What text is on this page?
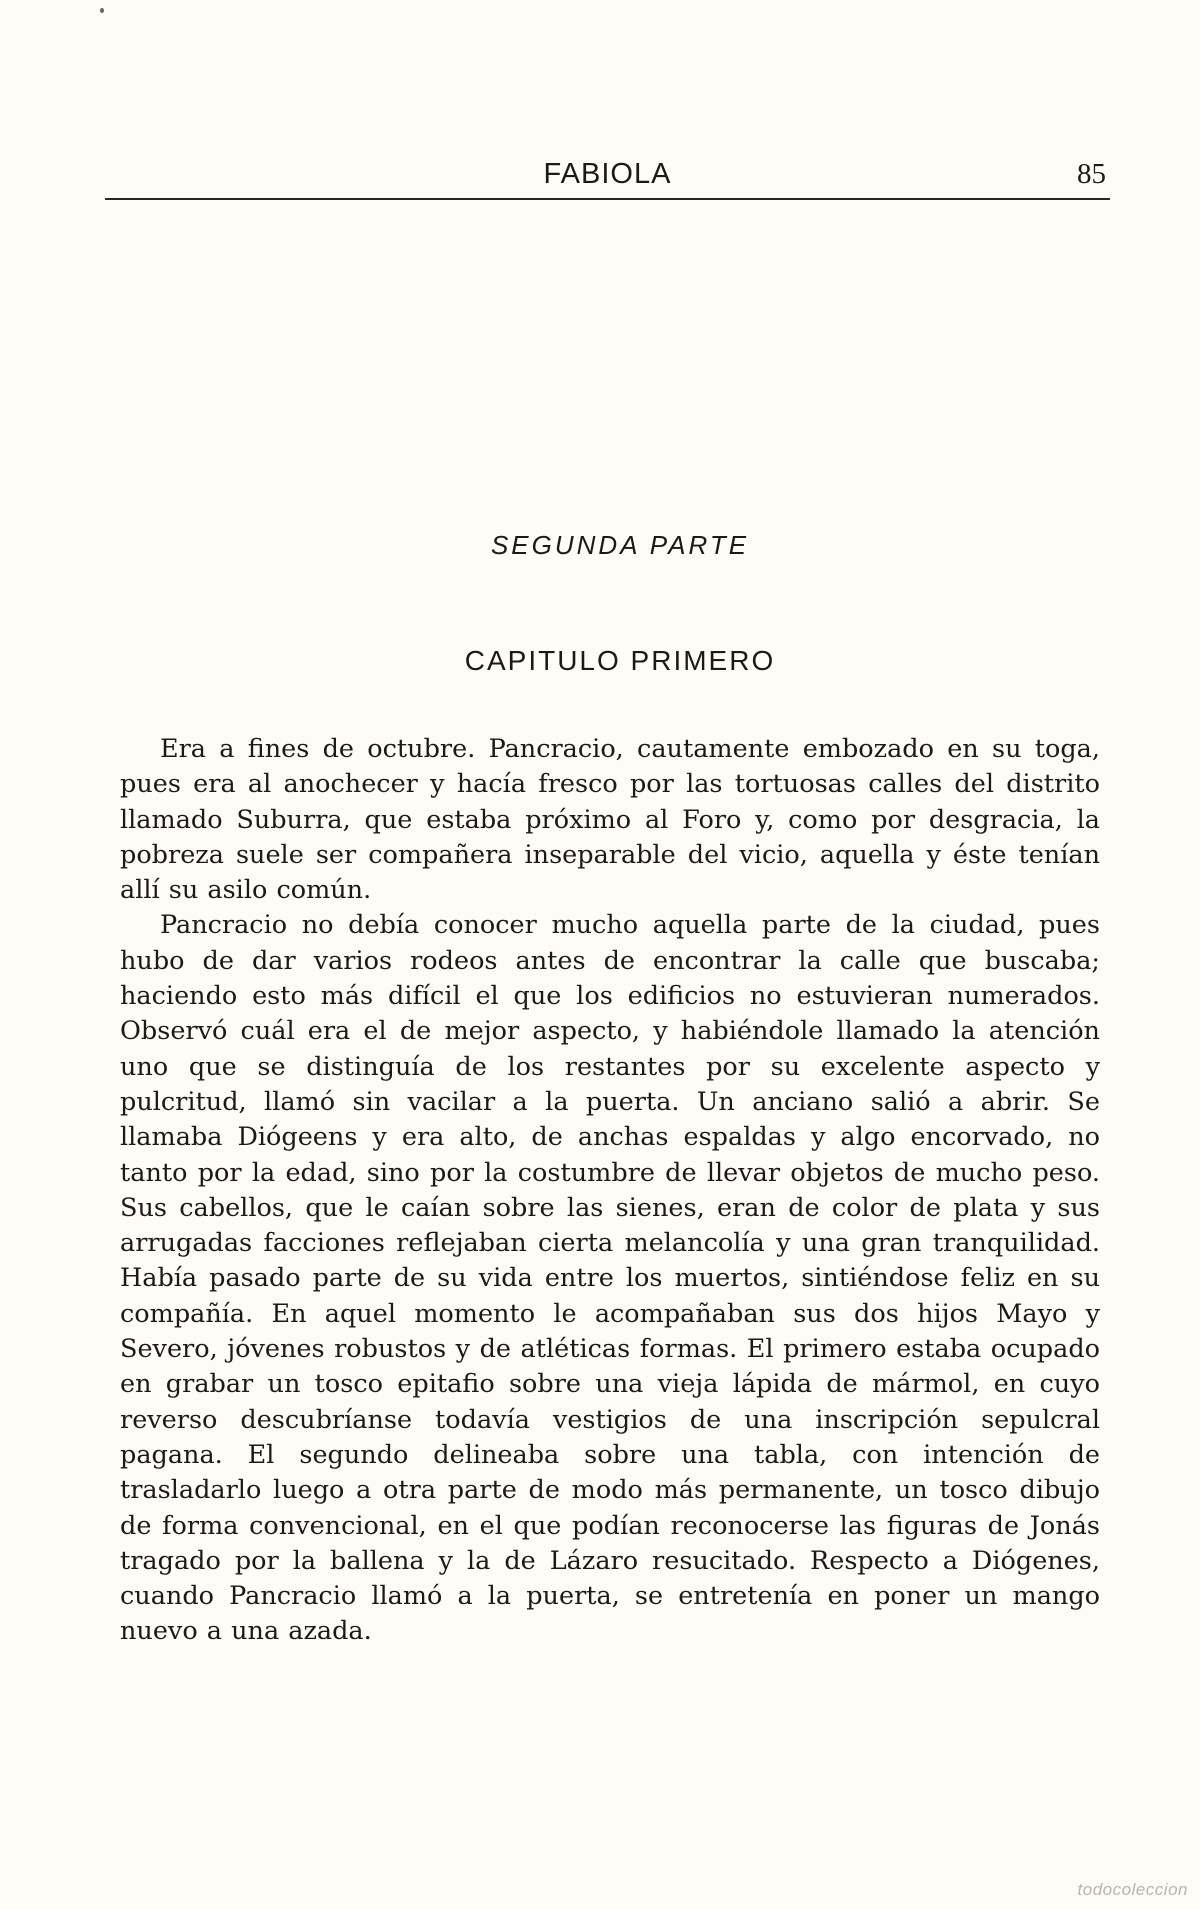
FABIOLA	85
SEGUNDA PARTE
CAPITULO PRIMERO

Era a fines de octubre. Pancracio, cautamente embozado en su toga, pues era al anochecer y hacía fresco por las tortuosas calles del distrito llamado Suburra, que estaba próximo al Foro y, como por desgracia, la pobreza suele ser compañera inseparable del vicio, aquella y éste tenían allí su asilo común.

Pancracio no debía conocer mucho aquella parte de la ciudad, pues hubo de dar varios rodeos antes de encontrar la calle que buscaba; haciendo esto más difícil el que los edificios no estuvieran numerados. Observó cuál era el de mejor aspecto, y habiéndole llamado la atención uno que se distinguía de los restantes por su excelente aspecto y pulcritud, llamó sin vacilar a la puerta. Un anciano salió a abrir. Se llamaba Diógeens y era alto, de anchas espaldas y algo encorvado, no tanto por la edad, sino por la costumbre de llevar objetos de mucho peso. Sus cabellos, que le caían sobre las sienes, eran de color de plata y sus arrugadas facciones reflejaban cierta melancolía y una gran tranquilidad. Había pasado parte de su vida entre los muertos, sintiéndose feliz en su compañía. En aquel momento le acompañaban sus dos hijos Mayo y Severo, jóvenes robustos y de atléticas formas. El primero estaba ocupado en grabar un tosco epitafio sobre una vieja lápida de mármol, en cuyo reverso descubríanse todavía vestigios de una inscripción sepulcral pagana. El segundo delineaba sobre una tabla, con intención de trasladarlo luego a otra parte de modo más permanente, un tosco dibujo de forma convencional, en el que podían reconocerse las figuras de Jonás tragado por la ballena y la de Lázaro resucitado. Respecto a Diógenes, cuando Pancracio llamó a la puerta, se entretenía en poner un mango nuevo a una azada.

todocoleccion
